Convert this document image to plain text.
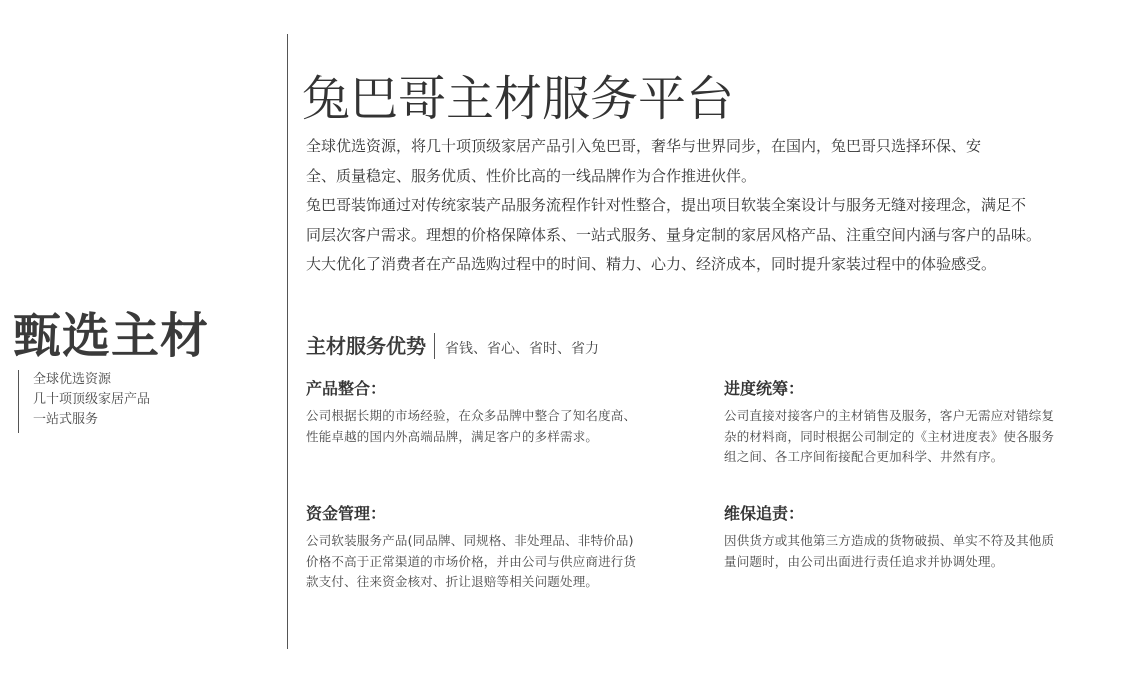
甄选主材
全球优选资源
几十项顶级家居产品
一站式服务
兔巴哥主材服务平台
全球优选资源，将几十项顶级家居产品引入兔巴哥，奢华与世界同步，在国内，兔巴哥只选择环保、安
全、质量稳定、服务优质、性价比高的一线品牌作为合作推进伙伴。
兔巴哥装饰通过对传统家装产品服务流程作针对性整合，提出项目软装全案设计与服务无缝对接理念，满足不
同层次客户需求。理想的价格保障体系、一站式服务、量身定制的家居风格产品、注重空间内涵与客户的品味。
大大优化了消费者在产品选购过程中的时间、精力、心力、经济成本，同时提升家装过程中的体验感受。
主材服务优势 省钱、省心、省时、省力
产品整合：
公司根据长期的市场经验，在众多品牌中整合了知名度高、性能卓越的国内外高端品牌，满足客户的多样需求。
进度统筹：
公司直接对接客户的主材销售及服务，客户无需应对错综复杂的材料商，同时根据公司制定的《主材进度表》使各服务组之间、各工序间衔接配合更加科学、井然有序。
资金管理：
公司软装服务产品(同品牌、同规格、非处理品、非特价品)价格不高于正常渠道的市场价格，并由公司与供应商进行货款支付、往来资金核对、折让退赔等相关问题处理。
维保追责：
因供货方或其他第三方造成的货物破损、单实不符及其他质量问题时，由公司出面进行责任追求并协调处理。
